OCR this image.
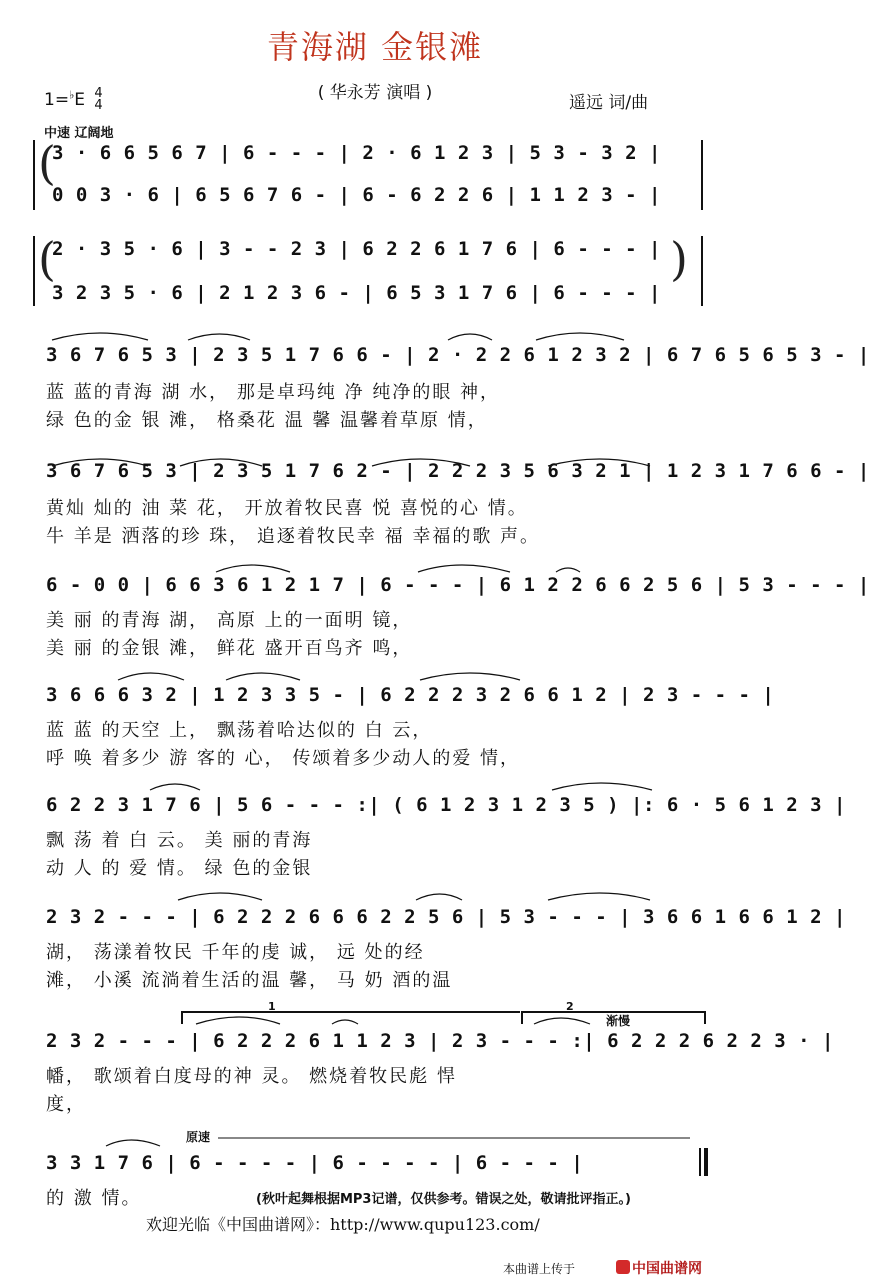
青海湖 金银滩
( 华永芳 演唱 )
1=♭E 4
4	遥远 词/曲
中速 辽阔地
(
(	)
3 · 6 6 5 6 7 | 6 - - - | 2 · 6 1 2 3 | 5 3 - 3 2 |
0 0 3 · 6 | 6 5 6 7 6 - | 6 - 6 2 2 6 | 1 1 2 3 - |
2 · 3 5 · 6 | 3 - - 2 3 | 6 2 2 6 1 7 6 | 6 - - - |
3 2 3 5 · 6 | 2 1 2 3 6 - | 6 5 3 1 7 6 | 6 - - - |
3 6 7 6 5 3 | 2 3 5 1 7 6 6 - | 2 · 2 2 6 1 2 3 2 | 6 7 6 5 6 5 3 - |
蓝 蓝的青海 湖 水， 那是卓玛纯 净 纯净的眼 神，
绿 色的金 银 滩， 格桑花 温 馨 温馨着草原 情，
3 6 7 6 5 3 | 2 3 5 1 7 6 2 - | 2 2 2 3 5 6 3 2 1 | 1 2 3 1 7 6 6 - |
黄灿 灿的 油 菜 花， 开放着牧民喜 悦 喜悦的心 情。
牛 羊是 洒落的珍 珠， 追逐着牧民幸 福 幸福的歌 声。
6 - 0 0 | 6 6 3 6 1 2 1 7 | 6 - - - | 6 1 2 2 6 6 2 5 6 | 5 3 - - - |
美 丽 的青海 湖， 高原 上的一面明 镜，
美 丽 的金银 滩， 鲜花 盛开百鸟齐 鸣，
3 6 6 6 3 2 | 1 2 3 3 5 - | 6 2 2 2 3 2 6 6 1 2 | 2 3 - - - |
蓝 蓝 的天空 上， 飘荡着哈达似的 白 云，
呼 唤 着多少 游 客的 心， 传颂着多少动人的爱 情，
6 2 2 3 1 7 6 | 5 6 - - - :| ( 6 1 2 3 1 2 3 5 ) |: 6 · 5 6 1 2 3 |
飘 荡 着 白 云。 美 丽的青海
动 人 的 爱 情。 绿 色的金银
2 3 2 - - - | 6 2 2 2 6 6 6 2 2 5 6 | 5 3 - - - | 3 6 6 1 6 6 1 2 |
湖， 荡漾着牧民 千年的虔 诚， 远 处的经
滩， 小溪 流淌着生活的温 馨， 马 奶 酒的温
1	2
渐慢
2 3 2 - - - | 6 2 2 2 6 1 1 2 3 | 2 3 - - - :| 6 2 2 2 6 2 2 3 · |
幡， 歌颂着白度母的神 灵。 燃烧着牧民彪 悍
度，
原速
3 3 1 7 6 | 6 - - - - | 6 - - - - | 6 - - - |
的 激 情。	(秋叶起舞根据MP3记谱，仅供参考。错误之处，敬请批评指正。)
欢迎光临《中国曲谱网》：http://www.qupu123.com/
本曲谱上传于	中国曲谱网
